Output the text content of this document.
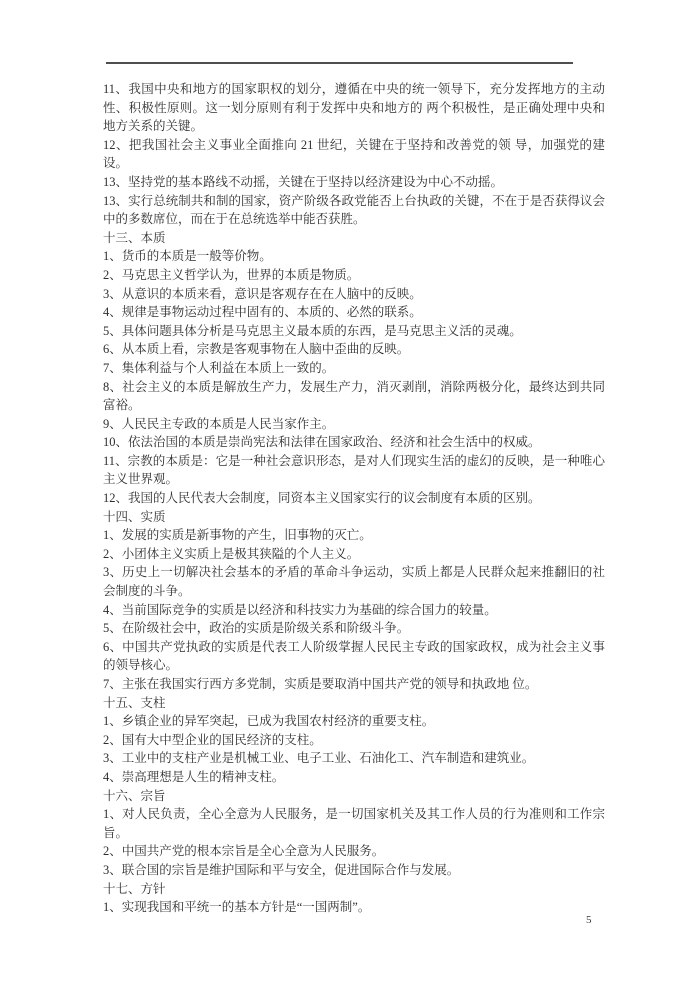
11、我国中央和地方的国家职权的划分，遵循在中央的统一领导下，充分发挥地方的主动性、积极性原则。这一划分原则有利于发挥中央和地方的 两个积极性，是正确处理中央和地方关系的关键。

12、把我国社会主义事业全面推向 21 世纪，关键在于坚持和改善党的领 导，加强党的建设。

13、坚持党的基本路线不动摇，关键在于坚持以经济建设为中心不动摇。

13、实行总统制共和制的国家，资产阶级各政党能否上台执政的关键，不在于是否获得议会中的多数席位，而在于在总统选举中能否获胜。

十三、本质

1、货币的本质是一般等价物。

2、马克思主义哲学认为，世界的本质是物质。

3、从意识的本质来看，意识是客观存在在人脑中的反映。

4、规律是事物运动过程中固有的、本质的、必然的联系。

5、具体问题具体分析是马克思主义最本质的东西，是马克思主义活的灵魂。

6、从本质上看，宗教是客观事物在人脑中歪曲的反映。

7、集体利益与个人利益在本质上一致的。

8、社会主义的本质是解放生产力，发展生产力，消灭剥削，消除两极分化，最终达到共同富裕。

9、人民民主专政的本质是人民当家作主。

10、依法治国的本质是崇尚宪法和法律在国家政治、经济和社会生活中的权威。

11、宗教的本质是：它是一种社会意识形态，是对人们现实生活的虚幻的反映，是一种唯心主义世界观。

12、我国的人民代表大会制度，同资本主义国家实行的议会制度有本质的区别。

十四、实质

1、发展的实质是新事物的产生，旧事物的灭亡。

2、小团体主义实质上是极其狭隘的个人主义。

3、历史上一切解决社会基本的矛盾的革命斗争运动，实质上都是人民群众起来推翻旧的社会制度的斗争。

4、当前国际竞争的实质是以经济和科技实力为基础的综合国力的较量。

5、在阶级社会中，政治的实质是阶级关系和阶级斗争。

6、中国共产党执政的实质是代表工人阶级掌握人民民主专政的国家政权，成为社会主义事的领导核心。

7、主张在我国实行西方多党制，实质是要取消中国共产党的领导和执政地 位。

十五、支柱

1、乡镇企业的异军突起，已成为我国农村经济的重要支柱。

2、国有大中型企业的国民经济的支柱。

3、工业中的支柱产业是机械工业、电子工业、石油化工、汽车制造和建筑业。

4、崇高理想是人生的精神支柱。

十六、宗旨

1、对人民负责，全心全意为人民服务，是一切国家机关及其工作人员的行为准则和工作宗旨。

2、中国共产党的根本宗旨是全心全意为人民服务。

3、联合国的宗旨是维护国际和平与安全，促进国际合作与发展。

十七、方针

1、实现我国和平统一的基本方针是“一国两制”。

5
